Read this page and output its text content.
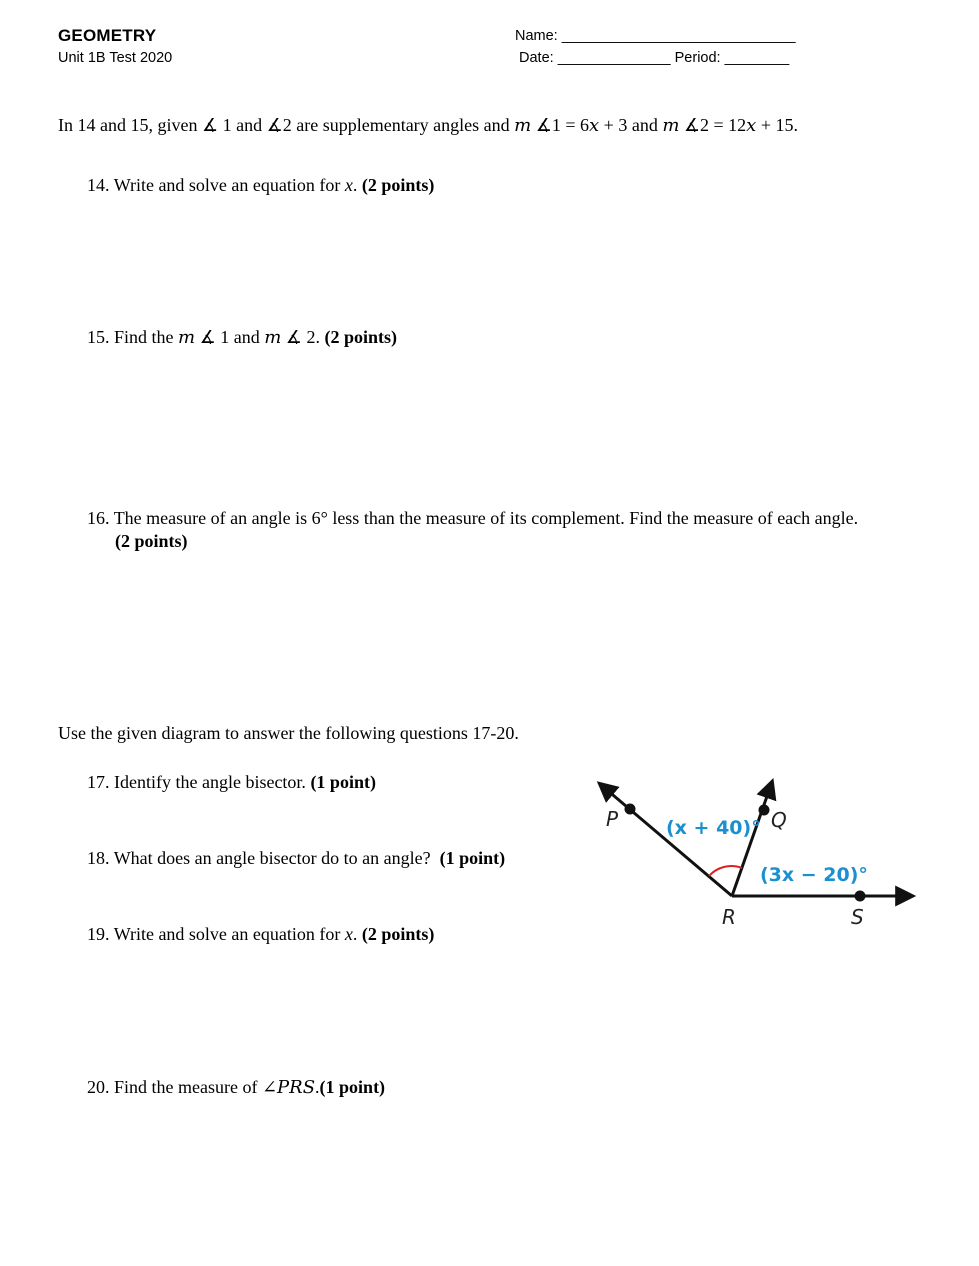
GEOMETRY
Unit 1B Test 2020
Name: _____________________________
Date: ______________ Period: ________
In 14 and 15, given ∡ 1 and ∡2 are supplementary angles and 𝑚 ∡1 = 6𝑥 + 3 and 𝑚 ∡2 = 12𝑥 + 15.
14. Write and solve an equation for x. (2 points)
15. Find the 𝑚 ∡ 1 and 𝑚 ∡ 2. (2 points)
16. The measure of an angle is 6° less than the measure of its complement. Find the measure of each angle.
(2 points)
Use the given diagram to answer the following questions 17-20.
17. Identify the angle bisector. (1 point)
18. What does an angle bisector do to an angle? (1 point)
19. Write and solve an equation for x. (2 points)
20. Find the measure of ∠𝑃𝑅𝑆.(1 point)
P	Q
R	S
(x + 40)°
(3x − 20)°
